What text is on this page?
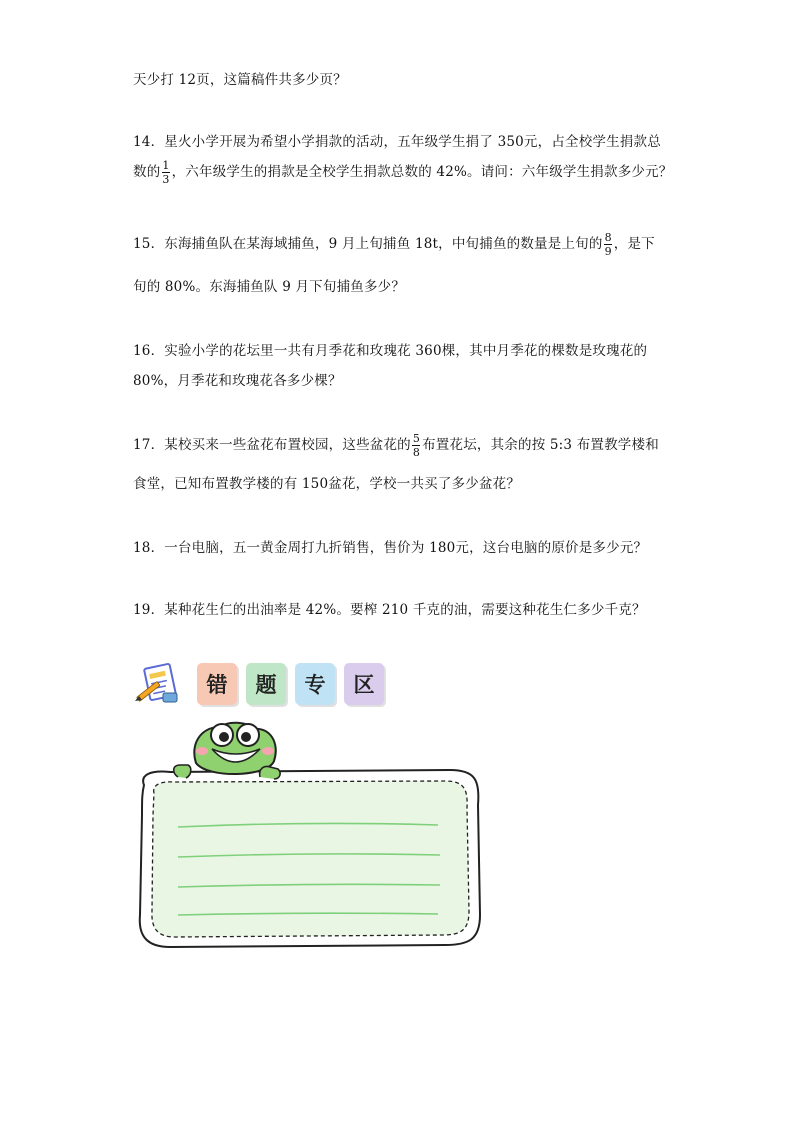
天少打 12页，这篇稿件共多少页？
14．星火小学开展为希望小学捐款的活动，五年级学生捐了 350元，占全校学生捐款总
数的 $\frac{1}{3}$ ，六年级学生的捐款是全校学生捐款总数的 42%。请问：六年级学生捐款多少元？
15．东海捕鱼队在某海域捕鱼，9 月上旬捕鱼 18t，中旬捕鱼的数量是上旬的 $\frac{8}{9}$ ，是下
旬的 80%。东海捕鱼队 9 月下旬捕鱼多少？
16．实验小学的花坛里一共有月季花和玫瑰花 360棵，其中月季花的棵数是玫瑰花的
80%，月季花和玫瑰花各多少棵？
17．某校买来一些盆花布置校园，这些盆花的 $\frac{5}{8}$ 布置花坛，其余的按 5:3 布置教学楼和
食堂，已知布置教学楼的有 150盆花，学校一共买了多少盆花？
18．一台电脑，五一黄金周打九折销售，售价为 180元，这台电脑的原价是多少元？
19．某种花生仁的出油率是 42%。要榨 210 千克的油，需要这种花生仁多少千克？
错	题	专	区
